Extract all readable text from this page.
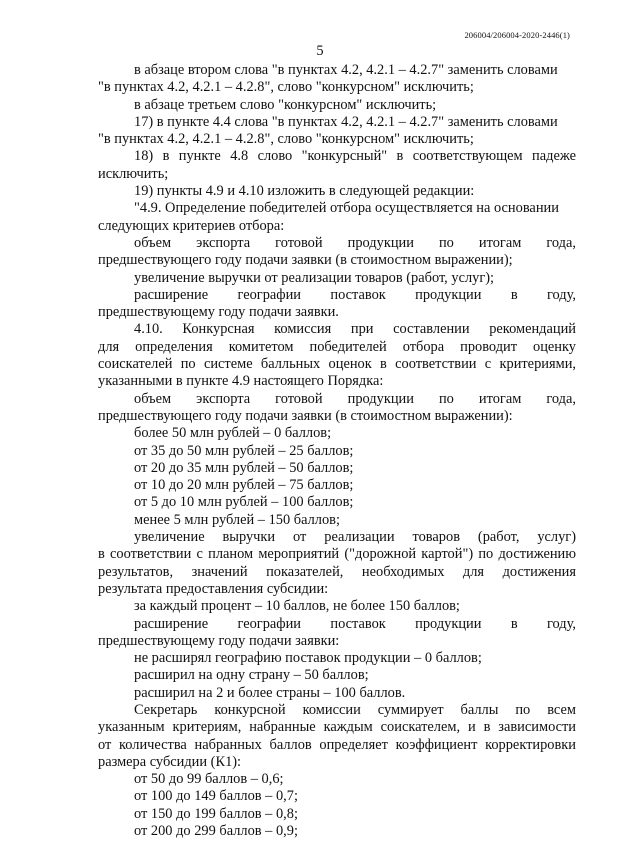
206004/206004-2020-2446(1)
5
в абзаце втором слова "в пунктах 4.2, 4.2.1 – 4.2.7" заменить словами
"в пунктах 4.2, 4.2.1 – 4.2.8", слово "конкурсном" исключить;
в абзаце третьем слово "конкурсном" исключить;
17) в пункте 4.4 слова "в пунктах 4.2, 4.2.1 – 4.2.7" заменить словами
"в пунктах 4.2, 4.2.1 – 4.2.8", слово "конкурсном" исключить;
18) в пункте 4.8 слово "конкурсный" в соответствующем падеже
исключить;
19) пункты 4.9 и 4.10 изложить в следующей редакции:
"4.9. Определение победителей отбора осуществляется на основании
следующих критериев отбора:
объем экспорта готовой продукции по итогам года,
предшествующего году подачи заявки (в стоимостном выражении);
увеличение выручки от реализации товаров (работ, услуг);
расширение географии поставок продукции в году,
предшествующему году подачи заявки.
4.10. Конкурсная комиссия при составлении рекомендаций
для определения комитетом победителей отбора проводит оценку
соискателей по системе балльных оценок в соответствии с критериями,
указанными в пункте 4.9 настоящего Порядка:
объем экспорта готовой продукции по итогам года,
предшествующего году подачи заявки (в стоимостном выражении):
более 50 млн рублей – 0 баллов;
от 35 до 50 млн рублей – 25 баллов;
от 20 до 35 млн рублей – 50 баллов;
от 10 до 20 млн рублей – 75 баллов;
от 5 до 10 млн рублей – 100 баллов;
менее 5 млн рублей – 150 баллов;
увеличение выручки от реализации товаров (работ, услуг)
в соответствии с планом мероприятий ("дорожной картой") по достижению
результатов, значений показателей, необходимых для достижения
результата предоставления субсидии:
за каждый процент – 10 баллов, не более 150 баллов;
расширение географии поставок продукции в году,
предшествующему году подачи заявки:
не расширял географию поставок продукции – 0 баллов;
расширил на одну страну – 50 баллов;
расширил на 2 и более страны – 100 баллов.
Секретарь конкурсной комиссии суммирует баллы по всем
указанным критериям, набранные каждым соискателем, и в зависимости
от количества набранных баллов определяет коэффициент корректировки
размера субсидии (К1):
от 50 до 99 баллов – 0,6;
от 100 до 149 баллов – 0,7;
от 150 до 199 баллов – 0,8;
от 200 до 299 баллов – 0,9;
